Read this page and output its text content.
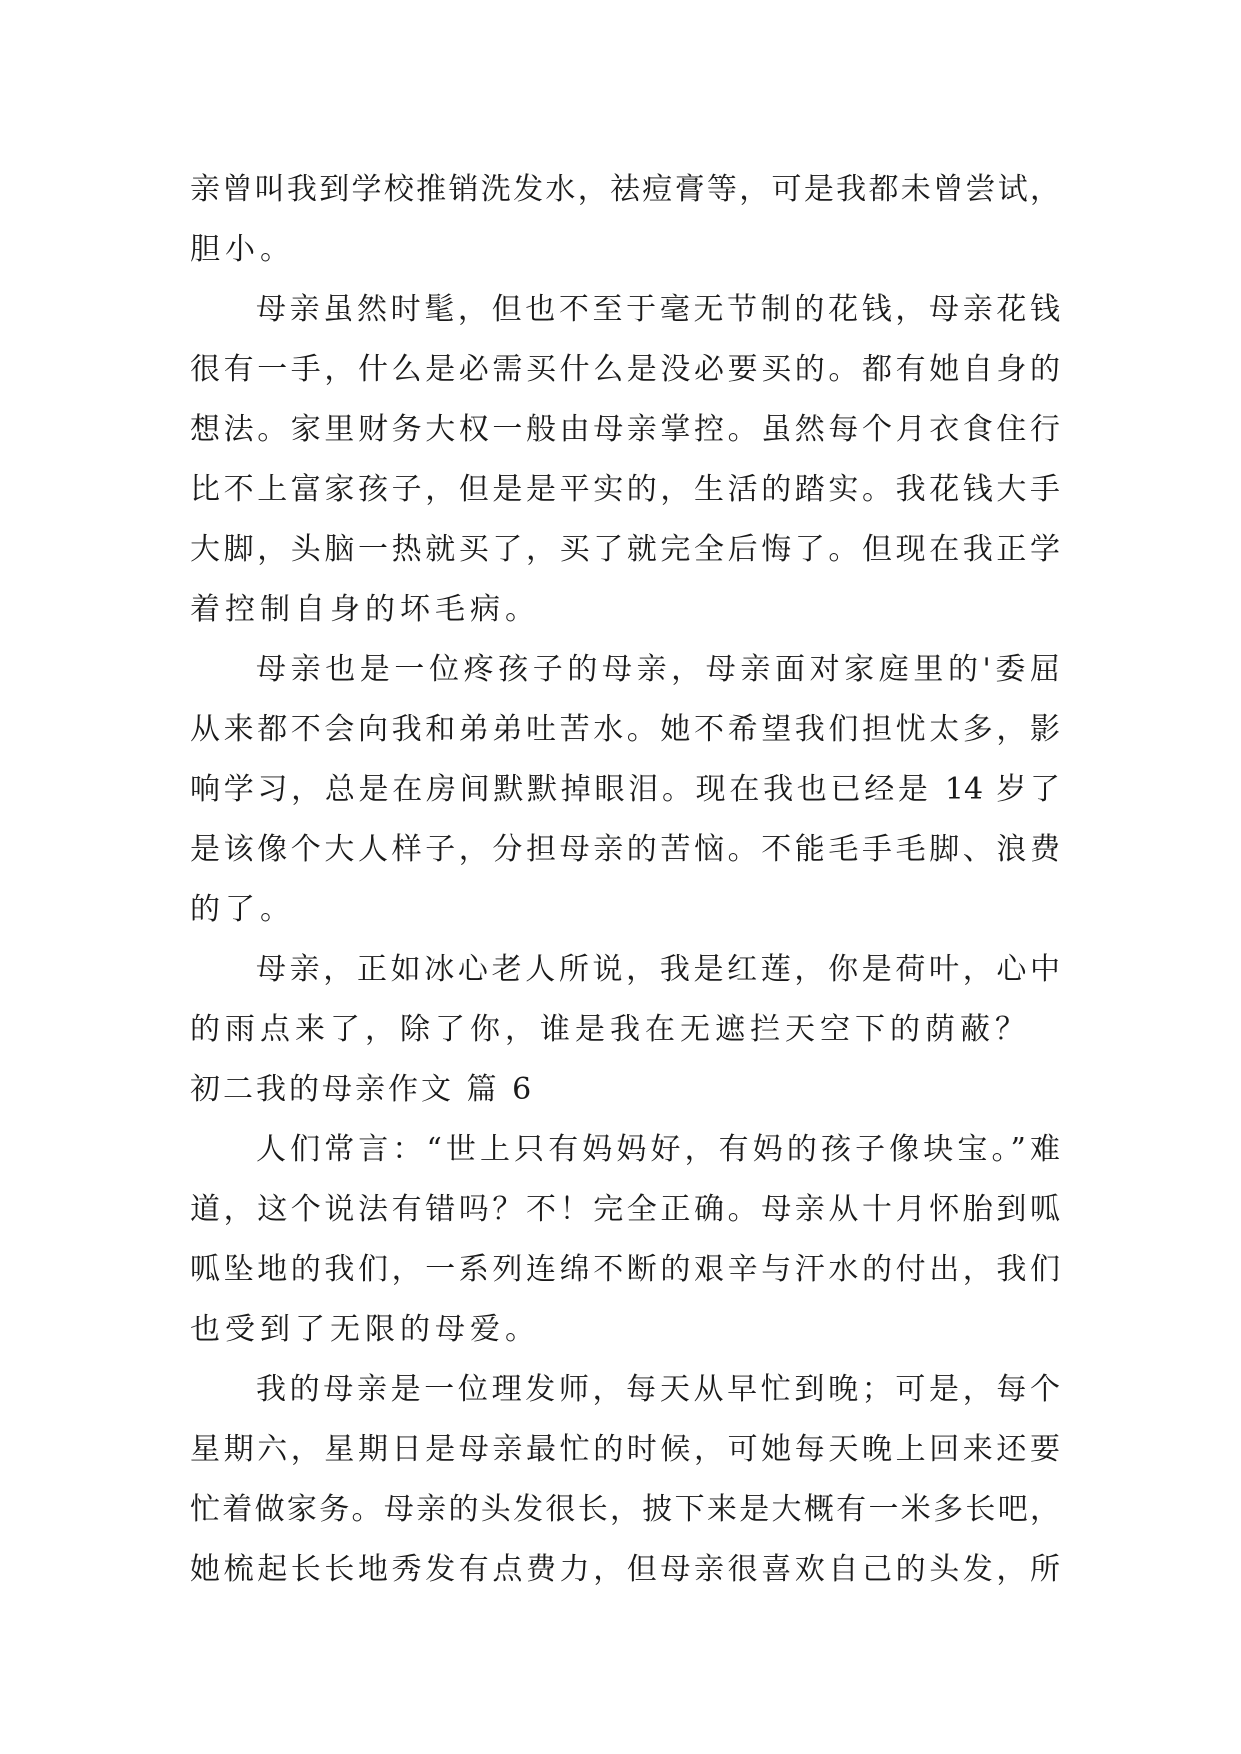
亲曾叫我到学校推销洗发水，祛痘膏等，可是我都未曾尝试，
胆小。
母亲虽然时髦，但也不至于毫无节制的花钱，母亲花钱
很有一手，什么是必需买什么是没必要买的。都有她自身的
想法。家里财务大权一般由母亲掌控。虽然每个月衣食住行
比不上富家孩子，但是是平实的，生活的踏实。我花钱大手
大脚，头脑一热就买了，买了就完全后悔了。但现在我正学
着控制自身的坏毛病。
母亲也是一位疼孩子的母亲，母亲面对家庭里的'委屈
从来都不会向我和弟弟吐苦水。她不希望我们担忧太多，影
响学习，总是在房间默默掉眼泪。现在我也已经是 14 岁了
是该像个大人样子，分担母亲的苦恼。不能毛手毛脚、浪费
的了。
母亲，正如冰心老人所说，我是红莲，你是荷叶，心中
的雨点来了，除了你，谁是我在无遮拦天空下的荫蔽？
初二我的母亲作文 篇 6
人们常言：“世上只有妈妈好，有妈的孩子像块宝。”难
道，这个说法有错吗？不！完全正确。母亲从十月怀胎到呱
呱坠地的我们，一系列连绵不断的艰辛与汗水的付出，我们
也受到了无限的母爱。
我的母亲是一位理发师，每天从早忙到晚；可是，每个
星期六，星期日是母亲最忙的时候，可她每天晚上回来还要
忙着做家务。母亲的头发很长，披下来是大概有一米多长吧，
她梳起长长地秀发有点费力，但母亲很喜欢自己的头发，所
